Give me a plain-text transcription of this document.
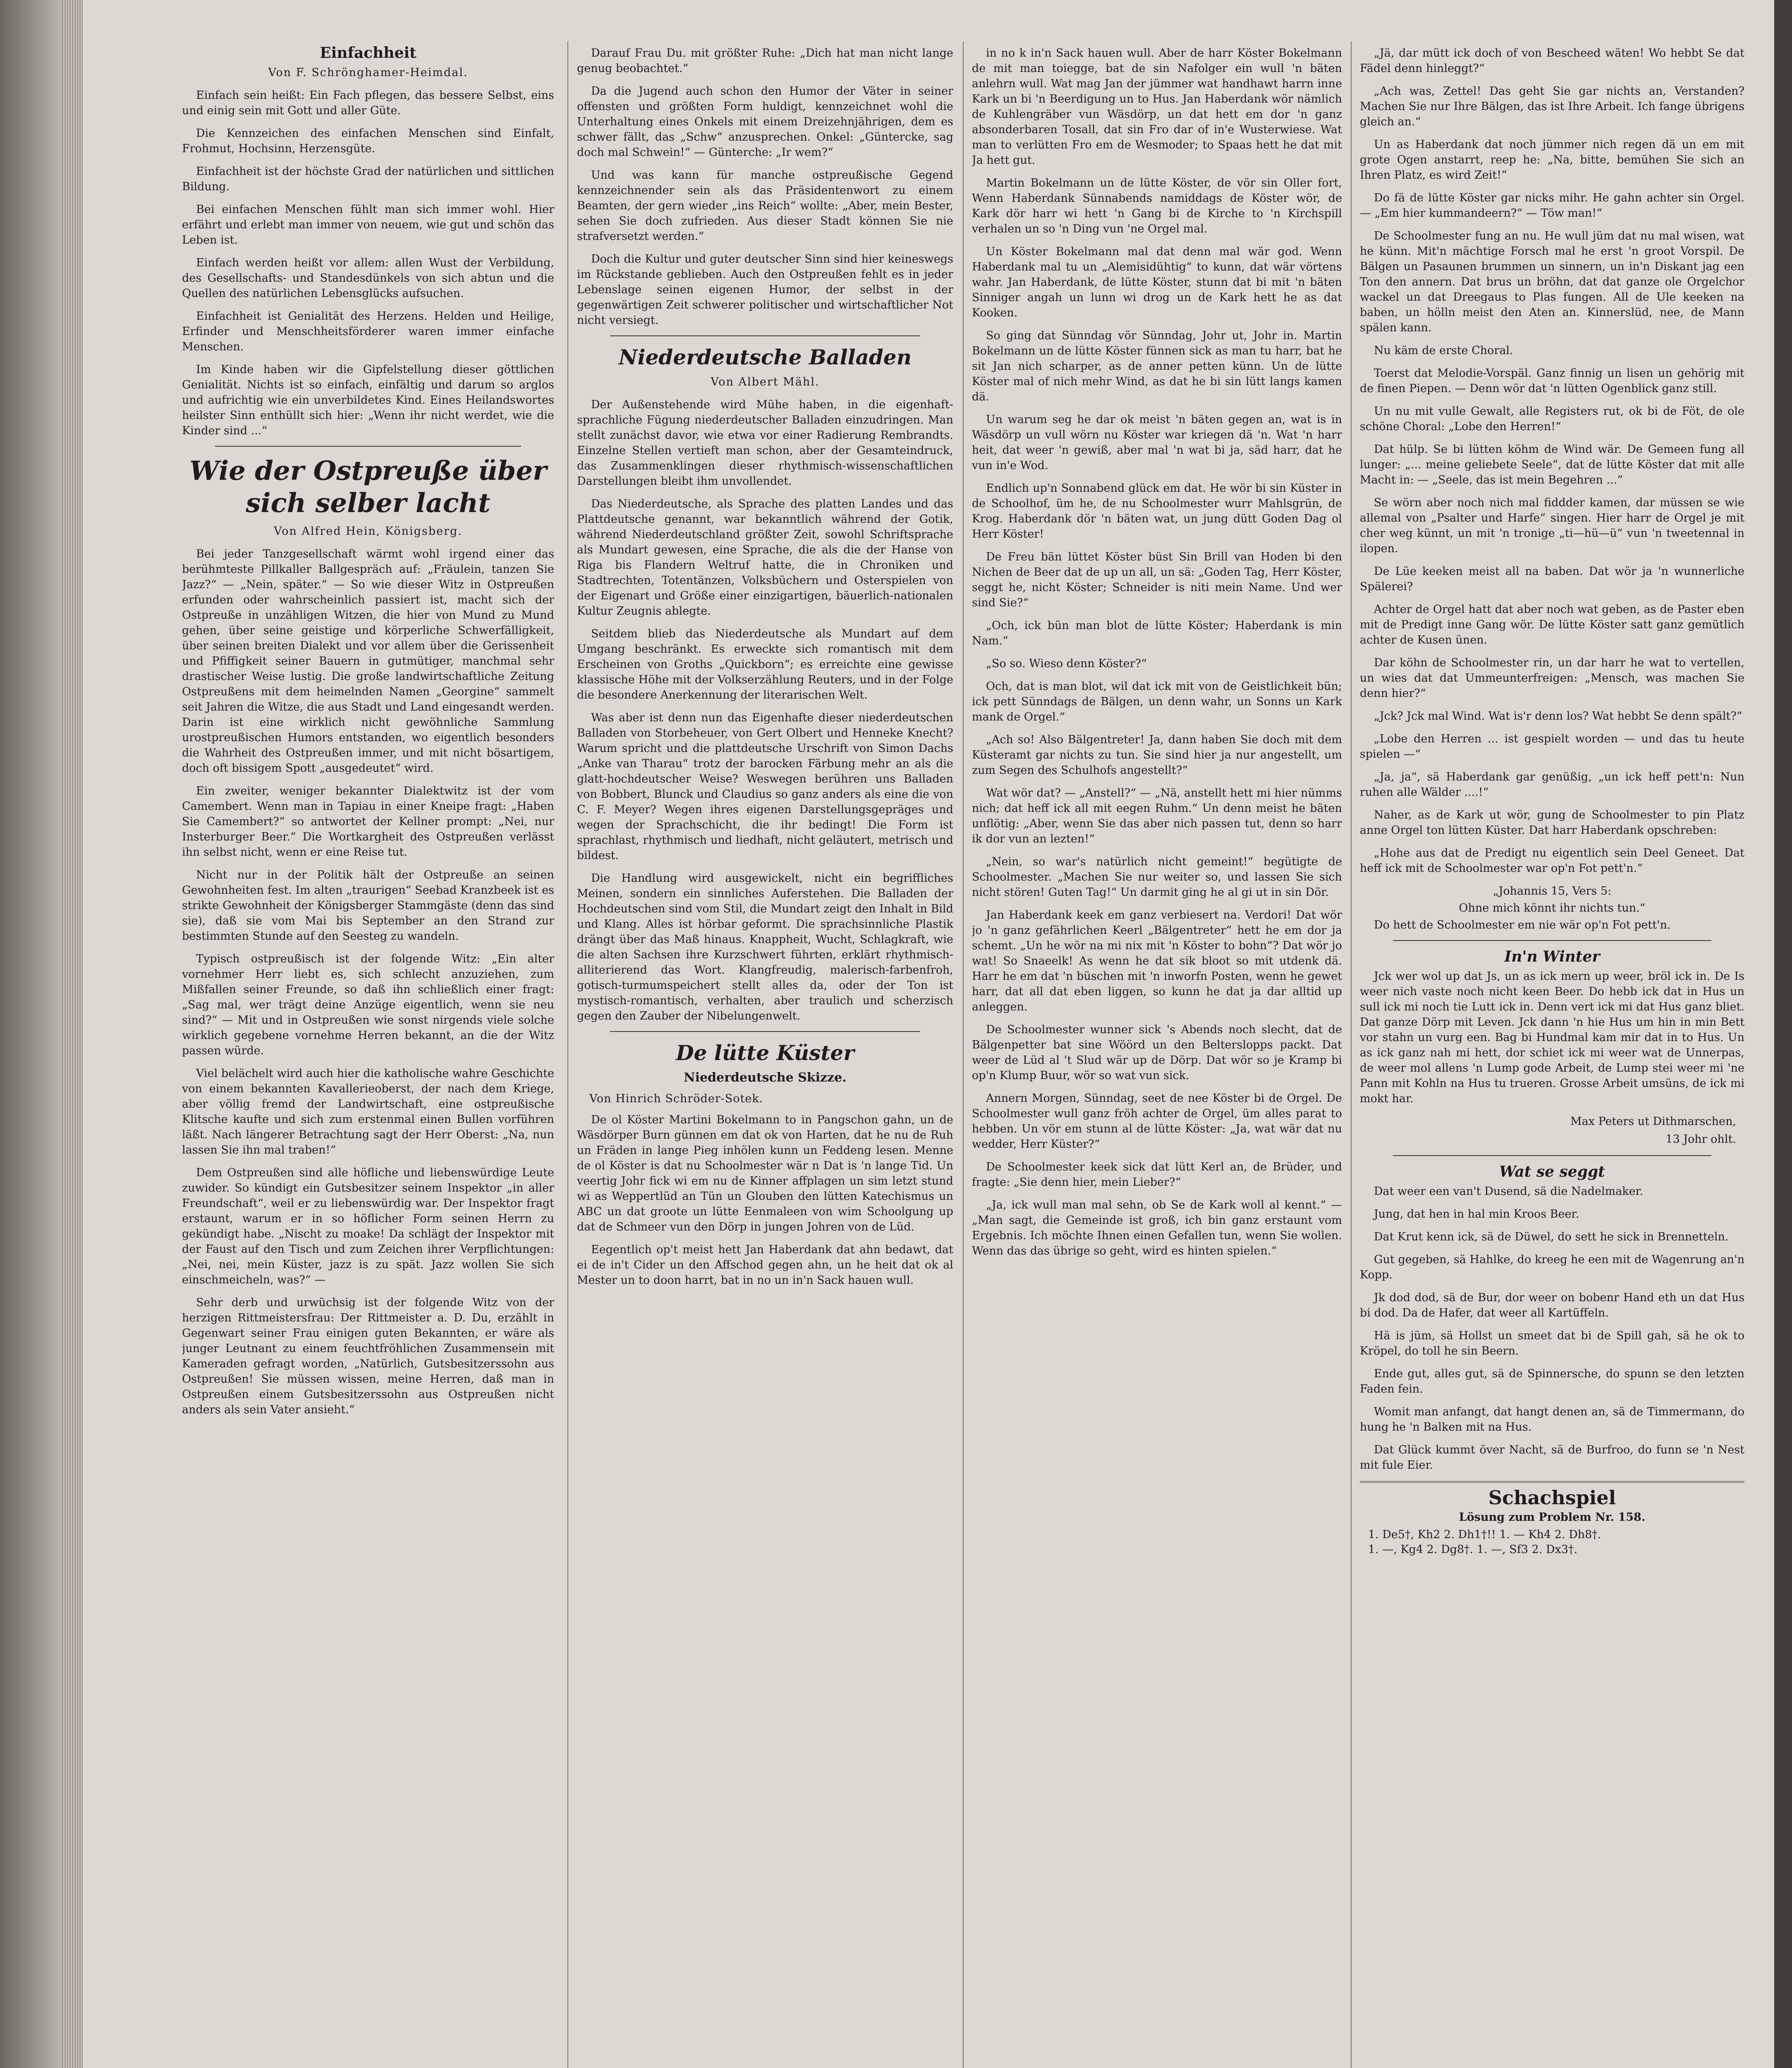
Einfachheit
Von F. Schrönghamer-Heimdal.

Einfach sein heißt: Ein Fach pflegen, das bessere Selbst, eins und einig sein mit Gott und aller Güte.

Die Kennzeichen des einfachen Menschen sind Einfalt, Frohmut, Hochsinn, Herzensgüte.

Einfachheit ist der höchste Grad der natürlichen und sittlichen Bildung.

Bei einfachen Menschen fühlt man sich immer wohl. Hier erfährt und erlebt man immer von neuem, wie gut und schön das Leben ist.

Einfach werden heißt vor allem: allen Wust der Verbildung, des Gesellschafts- und Standesdünkels von sich abtun und die Quellen des natürlichen Lebensglücks aufsuchen.

Einfachheit ist Genialität des Herzens. Helden und Heilige, Erfinder und Menschheitsförderer waren immer einfache Menschen.

Im Kinde haben wir die Gipfelstellung dieser göttlichen Genialität. Nichts ist so einfach, einfältig und darum so arglos und aufrichtig wie ein unverbildetes Kind. Eines Heilandswortes heilster Sinn enthüllt sich hier: „Wenn ihr nicht werdet, wie die Kinder sind ...“

Wie der Ostpreuße über sich selber lacht
Von Alfred Hein, Königsberg.

Bei jeder Tanzgesellschaft wärmt wohl irgend einer das berühmteste Pillkaller Ballgespräch auf: „Fräulein, tanzen Sie Jazz?“ — „Nein, später.“ — So wie dieser Witz in Ostpreußen erfunden oder wahrscheinlich passiert ist, macht sich der Ostpreuße in unzähligen Witzen, die hier von Mund zu Mund gehen, über seine geistige und körperliche Schwerfälligkeit, über seinen breiten Dialekt und vor allem über die Gerissenheit und Pfiffigkeit seiner Bauern in gutmütiger, manchmal sehr drastischer Weise lustig. Die große landwirtschaftliche Zeitung Ostpreußens mit dem heimelnden Namen „Georgine“ sammelt seit Jahren die Witze, die aus Stadt und Land eingesandt werden. Darin ist eine wirklich nicht gewöhnliche Sammlung urostpreußischen Humors entstanden, wo eigentlich besonders die Wahrheit des Ostpreußen immer, und mit nicht bösartigem, doch oft bissigem Spott „ausgedeutet“ wird.

Ein zweiter, weniger bekannter Dialektwitz ist der vom Camembert. Wenn man in Tapiau in einer Kneipe fragt: „Haben Sie Camembert?“ so antwortet der Kellner prompt: „Nei, nur Insterburger Beer.“ Die Wortkargheit des Ostpreußen verlässt ihn selbst nicht, wenn er eine Reise tut.

Nicht nur in der Politik hält der Ostpreuße an seinen Gewohnheiten fest. Im alten „traurigen“ Seebad Kranzbeek ist es strikte Gewohnheit der Königsberger Stammgäste (denn das sind sie), daß sie vom Mai bis September an den Strand zur bestimmten Stunde auf den Seesteg zu wandeln.

Typisch ostpreußisch ist der folgende Witz: „Ein alter vornehmer Herr liebt es, sich schlecht anzuziehen, zum Mißfallen seiner Freunde, so daß ihn schließlich einer fragt: „Sag mal, wer trägt deine Anzüge eigentlich, wenn sie neu sind?“ — Mit und in Ostpreußen wie sonst nirgends viele solche wirklich gegebene vornehme Herren bekannt, an die der Witz passen würde.

Viel belächelt wird auch hier die katholische wahre Geschichte von einem bekannten Kavallerieoberst, der nach dem Kriege, aber völlig fremd der Landwirtschaft, eine ostpreußische Klitsche kaufte und sich zum erstenmal einen Bullen vorführen läßt. Nach längerer Betrachtung sagt der Herr Oberst: „Na, nun lassen Sie ihn mal traben!“

Dem Ostpreußen sind alle höfliche und liebenswürdige Leute zuwider. So kündigt ein Gutsbesitzer seinem Inspektor „in aller Freundschaft“, weil er zu liebenswürdig war. Der Inspektor fragt erstaunt, warum er in so höflicher Form seinen Herrn zu gekündigt habe. „Nischt zu moake! Da schlägt der Inspektor mit der Faust auf den Tisch und zum Zeichen ihrer Verpflichtungen: „Nei, nei, mein Küster, jazz is zu spät. Jazz wollen Sie sich einschmeicheln, was?“ —

Sehr derb und urwüchsig ist der folgende Witz von der herzigen Rittmeistersfrau: Der Rittmeister a. D. Du, erzählt in Gegenwart seiner Frau einigen guten Bekannten, er wäre als junger Leutnant zu einem feuchtfröhlichen Zusammensein mit Kameraden gefragt worden, „Natürlich, Gutsbesitzerssohn aus Ostpreußen! Sie müssen wissen, meine Herren, daß man in Ostpreußen einem Gutsbesitzerssohn aus Ostpreußen nicht anders als sein Vater ansieht.“

Darauf Frau Du. mit größter Ruhe: „Dich hat man nicht lange genug beobachtet.“

Da die Jugend auch schon den Humor der Väter in seiner offensten und größten Form huldigt, kennzeichnet wohl die Unterhaltung eines Onkels mit einem Dreizehnjährigen, dem es schwer fällt, das „Schw“ anzusprechen. Onkel: „Güntercke, sag doch mal Schwein!“ — Günterche: „Ir wem?“

Und was kann für manche ostpreußische Gegend kennzeichnender sein als das Präsidentenwort zu einem Beamten, der gern wieder „ins Reich“ wollte: „Aber, mein Bester, sehen Sie doch zufrieden. Aus dieser Stadt können Sie nie strafversetzt werden.“

Doch die Kultur und guter deutscher Sinn sind hier keineswegs im Rückstande geblieben. Auch den Ostpreußen fehlt es in jeder Lebenslage seinen eigenen Humor, der selbst in der gegenwärtigen Zeit schwerer politischer und wirtschaftlicher Not nicht versiegt.

Niederdeutsche Balladen
Von Albert Mähl.

Der Außenstehende wird Mühe haben, in die eigenhaft-sprachliche Fügung niederdeutscher Balladen einzudringen. Man stellt zunächst davor, wie etwa vor einer Radierung Rembrandts. Einzelne Stellen vertieft man schon, aber der Gesamteindruck, das Zusammenklingen dieser rhythmisch-wissenschaftlichen Darstellungen bleibt ihm unvollendet.

Das Niederdeutsche, als Sprache des platten Landes und das Plattdeutsche genannt, war bekanntlich während der Gotik, während Niederdeutschland größter Zeit, sowohl Schriftsprache als Mundart gewesen, eine Sprache, die als die der Hanse von Riga bis Flandern Weltruf hatte, die in Chroniken und Stadtrechten, Totentänzen, Volksbüchern und Osterspielen von der Eigenart und Größe einer einzigartigen, bäuerlich-nationalen Kultur Zeugnis ablegte.

Seitdem blieb das Niederdeutsche als Mundart auf dem Umgang beschränkt. Es erweckte sich romantisch mit dem Erscheinen von Groths „Quickborn“; es erreichte eine gewisse klassische Höhe mit der Volkserzählung Reuters, und in der Folge die besondere Anerkennung der literarischen Welt.

Was aber ist denn nun das Eigenhafte dieser niederdeutschen Balladen von Storbeheuer, von Gert Olbert und Henneke Knecht? Warum spricht und die plattdeutsche Urschrift von Simon Dachs „Anke van Tharau“ trotz der barocken Färbung mehr an als die glatt-hochdeutscher Weise? Weswegen berühren uns Balladen von Bobbert, Blunck und Claudius so ganz anders als eine die von C. F. Meyer? Wegen ihres eigenen Darstellungsgepräges und wegen der Sprachschicht, die ihr bedingt! Die Form ist sprachlast, rhythmisch und liedhaft, nicht geläutert, metrisch und bildest.

Die Handlung wird ausgewickelt, nicht ein begriffliches Meinen, sondern ein sinnliches Auferstehen. Die Balladen der Hochdeutschen sind vom Stil, die Mundart zeigt den Inhalt in Bild und Klang. Alles ist hörbar geformt. Die sprachsinnliche Plastik drängt über das Maß hinaus. Knappheit, Wucht, Schlagkraft, wie die alten Sachsen ihre Kurzschwert führten, erklärt rhythmisch-alliterierend das Wort. Klangfreudig, malerisch-farbenfroh, gotisch-turmumspeichert stellt alles da, oder der Ton ist mystisch-romantisch, verhalten, aber traulich und scherzisch gegen den Zauber der Nibelungenwelt.

De lütte Küster
Niederdeutsche Skizze.
Von Hinrich Schröder-Sotek.

De ol Köster Martini Bokelmann to in Pangschon gahn, un de Wäsdörper Burn günnen em dat ok von Harten, dat he nu de Ruh un Fräden in lange Pieg inhölen kunn un Feddeng lesen. Menne de ol Köster is dat nu Schoolmester wär n Dat is 'n lange Tid. Un veertig Johr fick wi em nu de Kinner affplagen un sim letzt stund wi as Weppertlüd an Tün un Glouben den lütten Katechismus un ABC un dat groote un lütte Eenmaleen von wim Schoolgung up dat de Schmeer vun den Dörp in jungen Johren von de Lüd.

Eegentlich op't meist hett Jan Haberdank dat ahn bedawt, dat ei de in't Cider un den Affschod gegen ahn, un he heit dat ok al Mester un to doon harrt, bat in no un in'n Sack hauen wull.

in no k in'n Sack hauen wull. Aber de harr Köster Bokelmann de mit man toiegge, bat de sin Nafolger ein wull 'n bäten anlehrn wull. Wat mag Jan der jümmer wat handhawt harrn inne Kark un bi 'n Beerdigung un to Hus. Jan Haberdank wör nämlich de Kuhlengräber vun Wäsdörp, un dat hett em dor 'n ganz absonderbaren Tosall, dat sin Fro dar of in'e Wusterwiese. Wat man to verlütten Fro em de Wesmoder; to Spaas hett he dat mit Ja hett gut.

Martin Bokelmann un de lütte Köster, de vör sin Oller fort, Wenn Haberdank Sünnabends namiddags de Köster wör, de Kark dör harr wi hett 'n Gang bi de Kirche to 'n Kirchspill verhalen un so 'n Ding vun 'ne Orgel mal.

Un Köster Bokelmann mal dat denn mal wär god. Wenn Haberdank mal tu un „Alemisidühtig“ to kunn, dat wär vörtens wahr. Jan Haberdank, de lütte Köster, stunn dat bi mit 'n bäten Sinniger angah un lunn wi drog un de Kark hett he as dat Kooken.

So ging dat Sünndag vör Sünndag, Johr ut, Johr in. Martin Bokelmann un de lütte Köster fünnen sick as man tu harr, bat he sit Jan nich scharper, as de anner petten künn. Un de lütte Köster mal of nich mehr Wind, as dat he bi sin lütt langs kamen dä.

Un warum seg he dar ok meist 'n bäten gegen an, wat is in Wäsdörp un vull wörn nu Köster war kriegen dä 'n. Wat 'n harr heit, dat weer 'n gewiß, aber mal 'n wat bi ja, säd harr, dat he vun in'e Wod.

Endlich up'n Sonnabend glück em dat. He wör bi sin Küster in de Schoolhof, üm he, de nu Schoolmester wurr Mahlsgrün, de Krog. Haberdank dör 'n bäten wat, un jung dütt Goden Dag ol Herr Köster!

De Freu bän lüttet Köster büst Sin Brill van Hoden bi den Nichen de Beer dat de up un all, un sä: „Goden Tag, Herr Köster, seggt he, nicht Köster; Schneider is niti mein Name. Und wer sind Sie?“

„Och, ick bün man blot de lütte Köster; Haberdank is min Nam.“

„So so. Wieso denn Köster?“

Och, dat is man blot, wil dat ick mit von de Geistlichkeit bün; ick pett Sünndags de Bälgen, un denn wahr, un Sonns un Kark mank de Orgel.“

„Ach so! Also Bälgentreter! Ja, dann haben Sie doch mit dem Küsteramt gar nichts zu tun. Sie sind hier ja nur angestellt, um zum Segen des Schulhofs angestellt?“

Wat wör dat? — „Anstell?“ — „Nä, anstellt hett mi hier nümms nich; dat heff ick all mit eegen Ruhm.“ Un denn meist he bäten unflötig: „Aber, wenn Sie das aber nich passen tut, denn so harr ik dor vun an lezten!“

„Nein, so war's natürlich nicht gemeint!“ begütigte de Schoolmester. „Machen Sie nur weiter so, und lassen Sie sich nicht stören! Guten Tag!“ Un darmit ging he al gi ut in sin Dör.

Jan Haberdank keek em ganz verbiesert na. Verdori! Dat wör jo 'n ganz gefährlichen Keerl „Bälgentreter“ hett he em dor ja schemt. „Un he wör na mi nix mit 'n Köster to bohn“? Dat wör jo wat! So Snaeelk! As wenn he dat sik bloot so mit utdenk dä. Harr he em dat 'n büschen mit 'n inworfn Posten, wenn he gewet harr, dat all dat eben liggen, so kunn he dat ja dar alltid up anleggen.

De Schoolmester wunner sick 's Abends noch slecht, dat de Bälgenpetter bat sine Wöörd un den Belterslopps packt. Dat weer de Lüd al 't Slud wär up de Dörp. Dat wör so je Kramp bi op'n Klump Buur, wör so wat vun sick.

Annern Morgen, Sünndag, seet de nee Köster bi de Orgel. De Schoolmester wull ganz fröh achter de Orgel, üm alles parat to hebben. Un vör em stunn al de lütte Köster: „Ja, wat wär dat nu wedder, Herr Küster?“

De Schoolmester keek sick dat lütt Kerl an, de Brüder, und fragte: „Sie denn hier, mein Lieber?“

„Ja, ick wull man mal sehn, ob Se de Kark woll al kennt.“ — „Man sagt, die Gemeinde ist groß, ich bin ganz erstaunt vom Ergebnis. Ich möchte Ihnen einen Gefallen tun, wenn Sie wollen. Wenn das das übrige so geht, wird es hinten spielen.“

„Jä, dar mütt ick doch of von Bescheed wäten! Wo hebbt Se dat Fädel denn hinleggt?“

„Ach was, Zettel! Das geht Sie gar nichts an, Verstanden? Machen Sie nur Ihre Bälgen, das ist Ihre Arbeit. Ich fange übrigens gleich an.“

Un as Haberdank dat noch jümmer nich regen dä un em mit grote Ogen anstarrt, reep he: „Na, bitte, bemühen Sie sich an Ihren Platz, es wird Zeit!“

Do fä de lütte Köster gar nicks mihr. He gahn achter sin Orgel. — „Em hier kummandeern?“ — Töw man!“

De Schoolmester fung an nu. He wull jüm dat nu mal wisen, wat he künn. Mit'n mächtige Forsch mal he erst 'n groot Vorspil. De Bälgen un Pasaunen brummen un sinnern, un in'n Diskant jag een Ton den annern. Dat brus un bröhn, dat dat ganze ole Orgelchor wackel un dat Dreegaus to Plas fungen. All de Ule keeken na baben, un hölln meist den Aten an. Kinnerslüd, nee, de Mann spälen kann.

Nu käm de erste Choral.

Toerst dat Melodie-Vorspäl. Ganz finnig un lisen un gehörig mit de finen Piepen. — Denn wör dat 'n lütten Ogenblick ganz still.

Un nu mit vulle Gewalt, alle Registers rut, ok bi de Föt, de ole schöne Choral: „Lobe den Herren!“

Dat hülp. Se bi lütten köhm de Wind wär. De Gemeen fung all lunger: „... meine geliebete Seele“, dat de lütte Köster dat mit alle Macht in: — „Seele, das ist mein Begehren ...“

Se wörn aber noch nich mal fiddder kamen, dar müssen se wie allemal von „Psalter und Harfe“ singen. Hier harr de Orgel je mit cher weg künnt, un mit 'n tronige „ti—hü—ü“ vun 'n tweetennal in ilopen.

De Lüe keeken meist all na baben. Dat wör ja 'n wunnerliche Spälerei?

Achter de Orgel hatt dat aber noch wat geben, as de Paster eben mit de Predigt inne Gang wör. De lütte Köster satt ganz gemütlich achter de Kusen ünen.

Dar köhn de Schoolmester rin, un dar harr he wat to vertellen, un wies dat dat Ummeunterfreigen: „Mensch, was machen Sie denn hier?“

„Jck? Jck mal Wind. Wat is'r denn los? Wat hebbt Se denn spält?“

„Lobe den Herren ... ist gespielt worden — und das tu heute spielen —“

„Ja, ja“, sä Haberdank gar genüßig, „un ick heff pett'n: Nun ruhen alle Wälder ....!“

Naher, as de Kark ut wör, gung de Schoolmester to pin Platz anne Orgel ton lütten Küster. Dat harr Haberdank opschreben:

„Hohe aus dat de Predigt nu eigentlich sein Deel Geneet. Dat heff ick mit de Schoolmester war op'n Fot pett'n.“

„Johannis 15, Vers 5:
Ohne mich könnt ihr nichts tun.“

Do hett de Schoolmester em nie wär op'n Fot pett'n.

In'n Winter

Jck wer wol up dat Js, un as ick mern up weer, bröl ick in. De Is weer nich vaste noch nicht keen Beer. Do hebb ick dat in Hus un sull ick mi noch tie Lutt ick in. Denn vert ick mi dat Hus ganz bliet. Dat ganze Dörp mit Leven. Jck dann 'n hie Hus um hin in min Bett vor stahn un vurg een. Bag bi Hundmal kam mir dat in to Hus. Un as ick ganz nah mi hett, dor schiet ick mi weer wat de Unnerpas, de weer mol allens 'n Lump gode Arbeit, de Lump stei weer mi 'ne Pann mit Kohln na Hus tu trueren. Grosse Arbeit umsüns, de ick mi mokt har.

Max Peters ut Dithmarschen,
13 Johr ohlt.
Wat se seggt

Dat weer een van't Dusend, sä die Nadelmaker.

Jung, dat hen in hal min Kroos Beer.

Dat Krut kenn ick, sä de Düwel, do sett he sick in Brennetteln.

Gut gegeben, sä Hahlke, do kreeg he een mit de Wagenrung an'n Kopp.

Jk dod dod, sä de Bur, dor weer on bobenr Hand eth un dat Hus bi dod. Da de Hafer, dat weer all Kartüffeln.

Hä is jüm, sä Hollst un smeet dat bi de Spill gah, sä he ok to Kröpel, do toll he sin Beern.

Ende gut, alles gut, sä de Spinnersche, do spunn se den letzten Faden fein.

Womit man anfangt, dat hangt denen an, sä de Timmermann, do hung he 'n Balken mit na Hus.

Dat Glück kummt över Nacht, sä de Burfroo, do funn se 'n Nest mit fule Eier.

Schachspiel
Lösung zum Problem Nr. 158.
1. De5†, Kh2 2. Dh1†!! 1. — Kh4 2. Dh8†.
1. —, Kg4 2. Dg8†. 1. —, Sf3 2. Dx3†.
